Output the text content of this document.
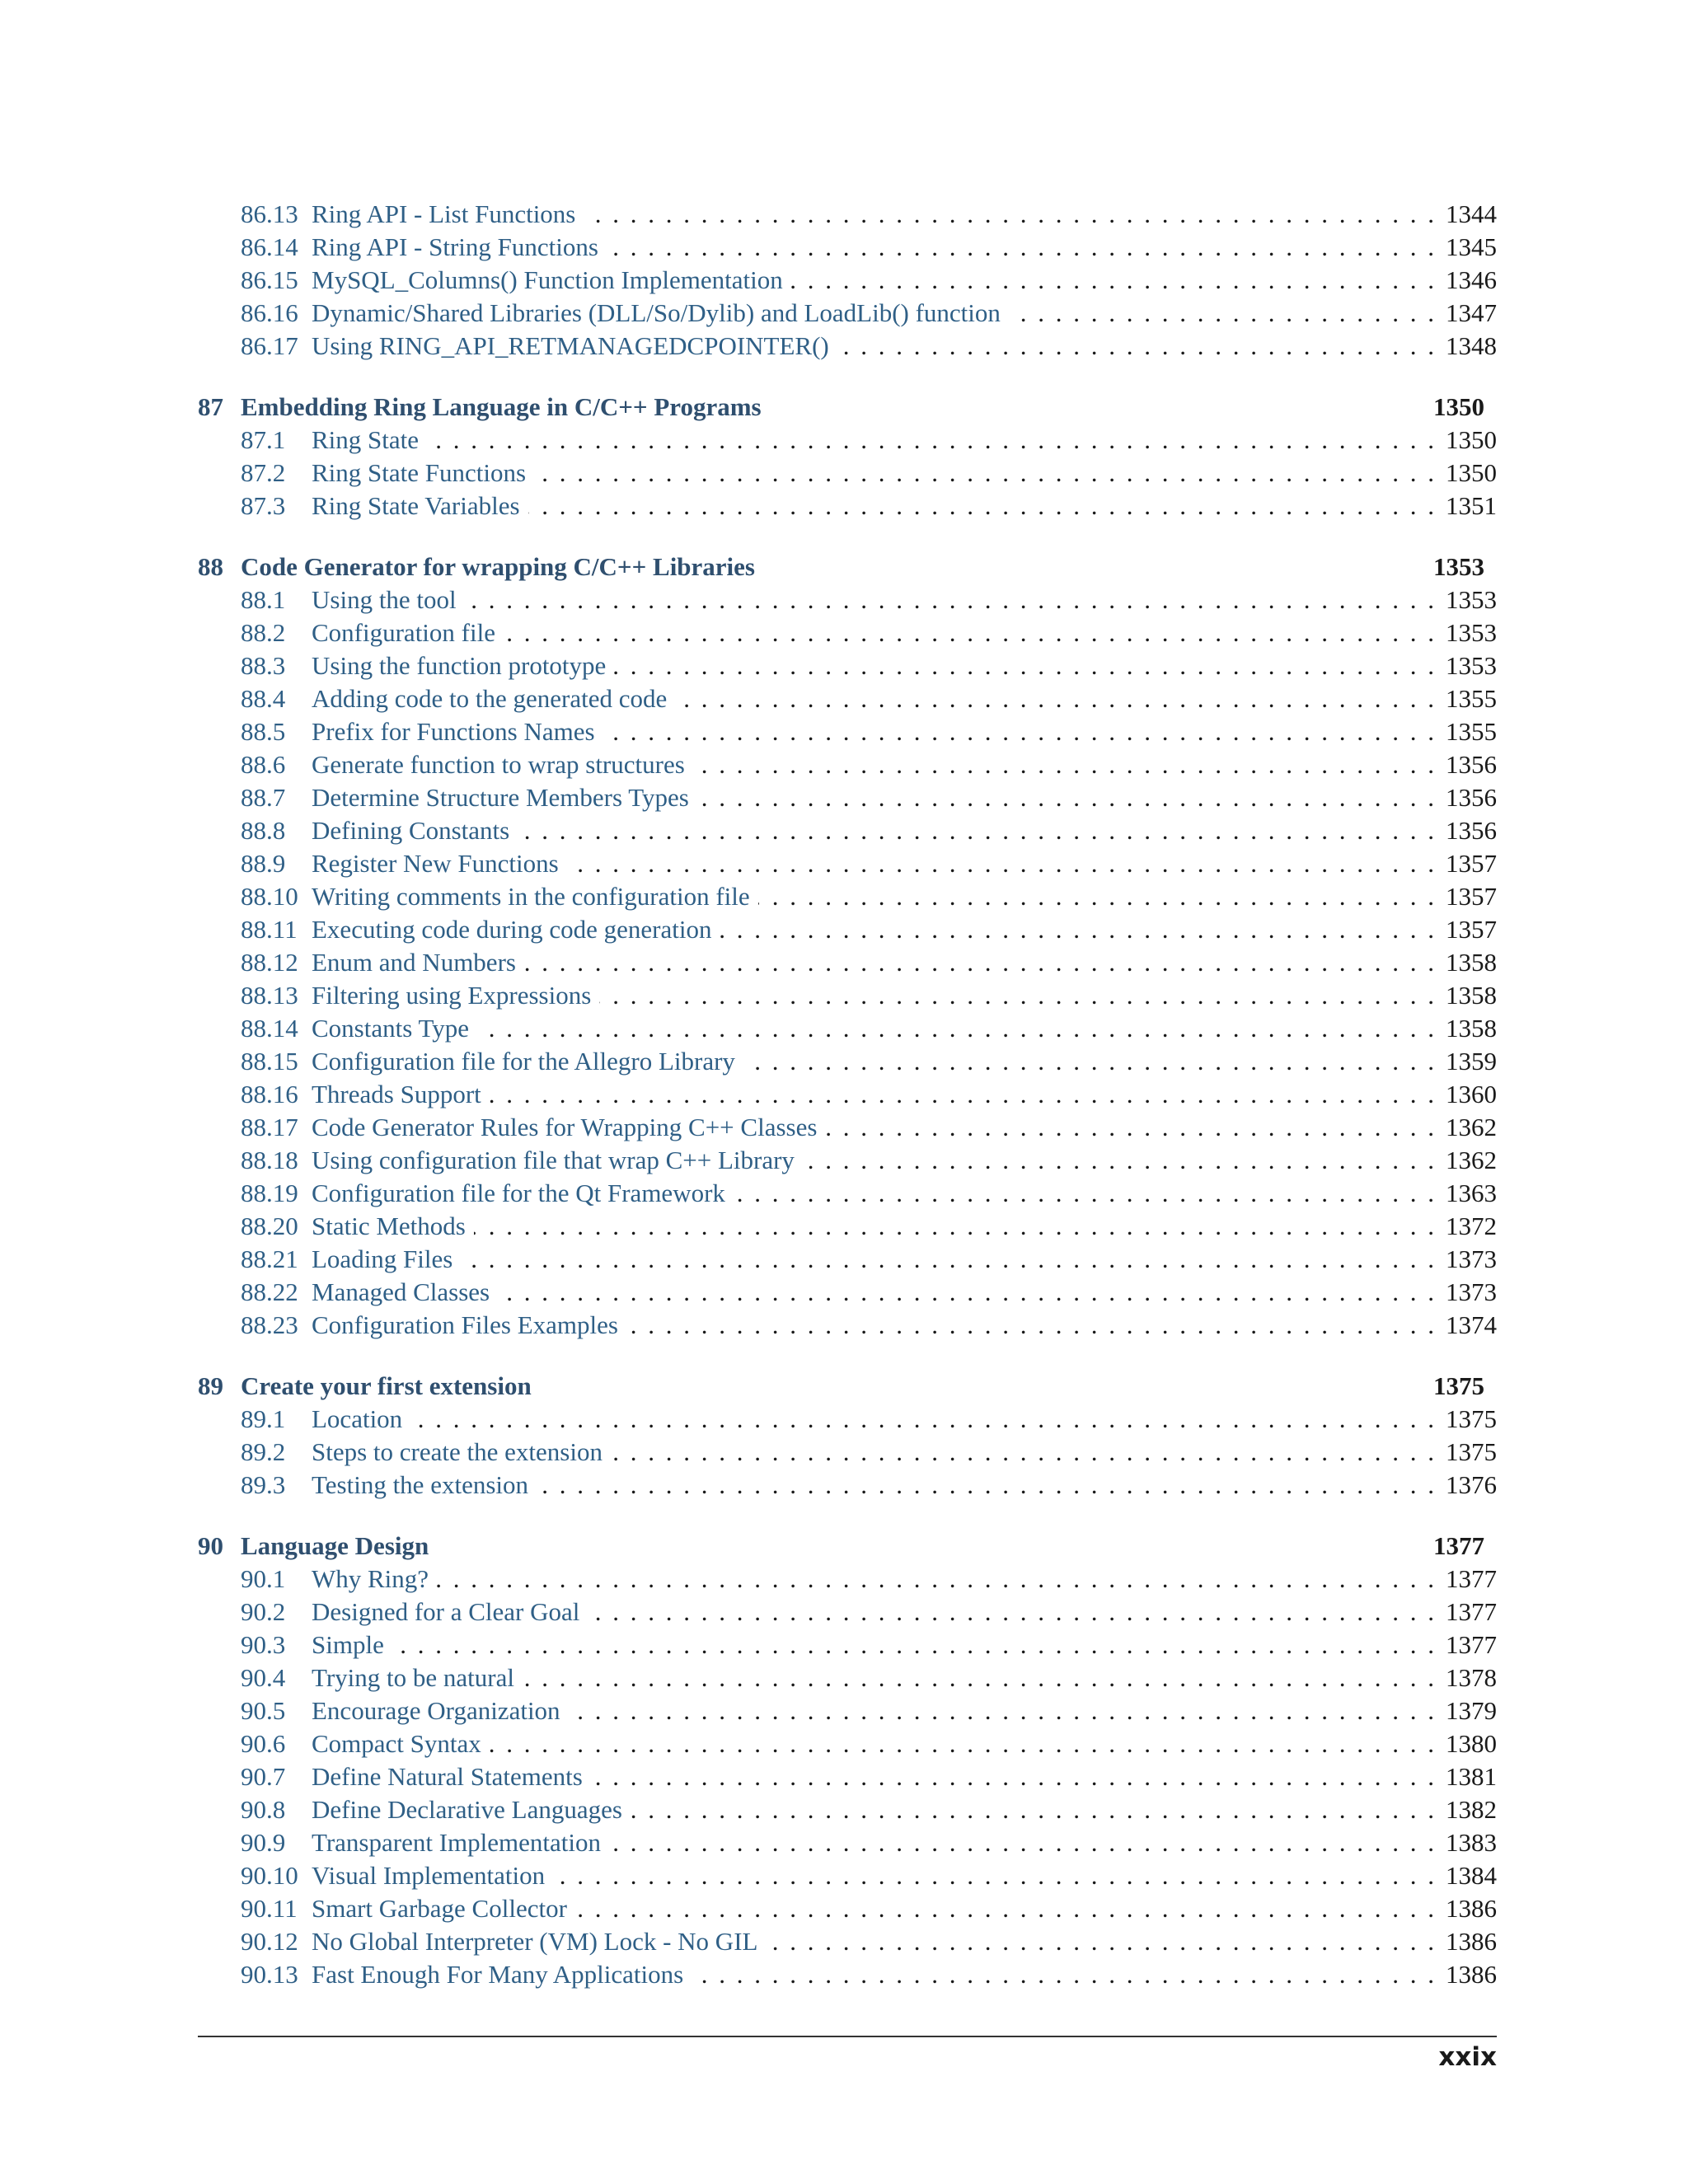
86.13 Ring API - List Functions . . .	1344
86.14 Ring API - String Functions . . .	1345
86.15 MySQL_Columns() Function Implementation . . .	1346
86.16 Dynamic/Shared Libraries (DLL/So/Dylib) and LoadLib() function . . .	1347
86.17 Using RING_API_RETMANAGEDCPOINTER() . . .	1348
87 Embedding Ring Language in C/C++ Programs	1350
87.1	Ring State . . .	1350
87.2	Ring State Functions . . .	1350
87.3	Ring State Variables . . .	1351
88 Code Generator for wrapping C/C++ Libraries	1353
88.1	Using the tool . . .	1353
88.2	Configuration file . . .	1353
88.3	Using the function prototype . . .	1353
88.4	Adding code to the generated code . . .	1355
88.5	Prefix for Functions Names . . .	1355
88.6	Generate function to wrap structures . . .	1356
88.7	Determine Structure Members Types . . .	1356
88.8	Defining Constants . . .	1356
88.9	Register New Functions . . .	1357
88.10 Writing comments in the configuration file . . .	1357
88.11 Executing code during code generation . . .	1357
88.12 Enum and Numbers . . .	1358
88.13 Filtering using Expressions . . .	1358
88.14 Constants Type . . .	1358
88.15 Configuration file for the Allegro Library . . .	1359
88.16 Threads Support . . .	1360
88.17 Code Generator Rules for Wrapping C++ Classes . . .	1362
88.18 Using configuration file that wrap C++ Library . . .	1362
88.19 Configuration file for the Qt Framework . . .	1363
88.20 Static Methods . . .	1372
88.21 Loading Files . . .	1373
88.22 Managed Classes . . .	1373
88.23 Configuration Files Examples . . .	1374
89 Create your first extension	1375
89.1	Location . . .	1375
89.2	Steps to create the extension . . .	1375
89.3	Testing the extension . . .	1376
90 Language Design	1377
90.1	Why Ring? . . .	1377
90.2	Designed for a Clear Goal . . .	1377
90.3	Simple . . .	1377
90.4	Trying to be natural . . .	1378
90.5	Encourage Organization . . .	1379
90.6	Compact Syntax . . .	1380
90.7	Define Natural Statements . . .	1381
90.8	Define Declarative Languages . . .	1382
90.9	Transparent Implementation . . .	1383
90.10 Visual Implementation . . .	1384
90.11 Smart Garbage Collector . . .	1386
90.12 No Global Interpreter (VM) Lock - No GIL . . .	1386
90.13 Fast Enough For Many Applications . . .	1386
xxix
